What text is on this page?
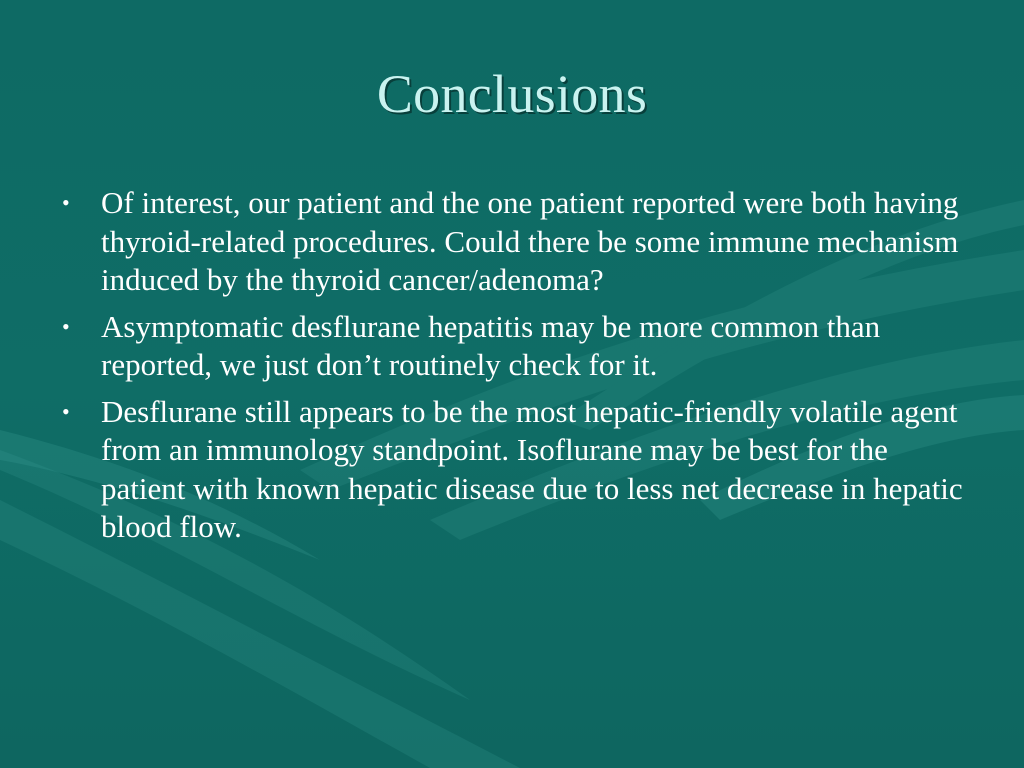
Conclusions
• Of interest, our patient and the one patient reported were both having thyroid-related procedures. Could there be some immune mechanism induced by the thyroid cancer/adenoma?
• Asymptomatic desflurane hepatitis may be more common than reported, we just don’t routinely check for it.
• Desflurane still appears to be the most hepatic-friendly volatile agent from an immunology standpoint. Isoflurane may be best for the patient with known hepatic disease due to less net decrease in hepatic blood flow.
